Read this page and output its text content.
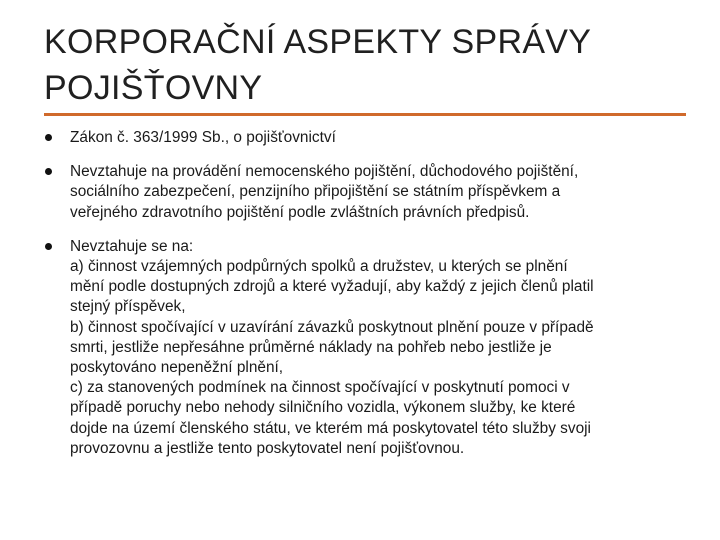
KORPORAČNÍ ASPEKTY SPRÁVY
POJIŠŤOVNY
Zákon č. 363/1999 Sb., o pojišťovnictví
Nevztahuje na provádění nemocenského pojištění, důchodového pojištění,
sociálního zabezpečení, penzijního připojištění se státním příspěvkem a
veřejného zdravotního pojištění podle zvláštních právních předpisů.
Nevztahuje se na:
a) činnost vzájemných podpůrných spolků a družstev, u kterých se plnění
mění podle dostupných zdrojů a které vyžadují, aby každý z jejich členů platil
stejný příspěvek,
b) činnost spočívající v uzavírání závazků poskytnout plnění pouze v případě
smrti, jestliže nepřesáhne průměrné náklady na pohřeb nebo jestliže je
poskytováno nepeněžní plnění,
c) za stanovených podmínek na činnost spočívající v poskytnutí pomoci v
případě poruchy nebo nehody silničního vozidla, výkonem služby, ke které
dojde na území členského státu, ve kterém má poskytovatel této služby svoji
provozovnu a jestliže tento poskytovatel není pojišťovnou.
